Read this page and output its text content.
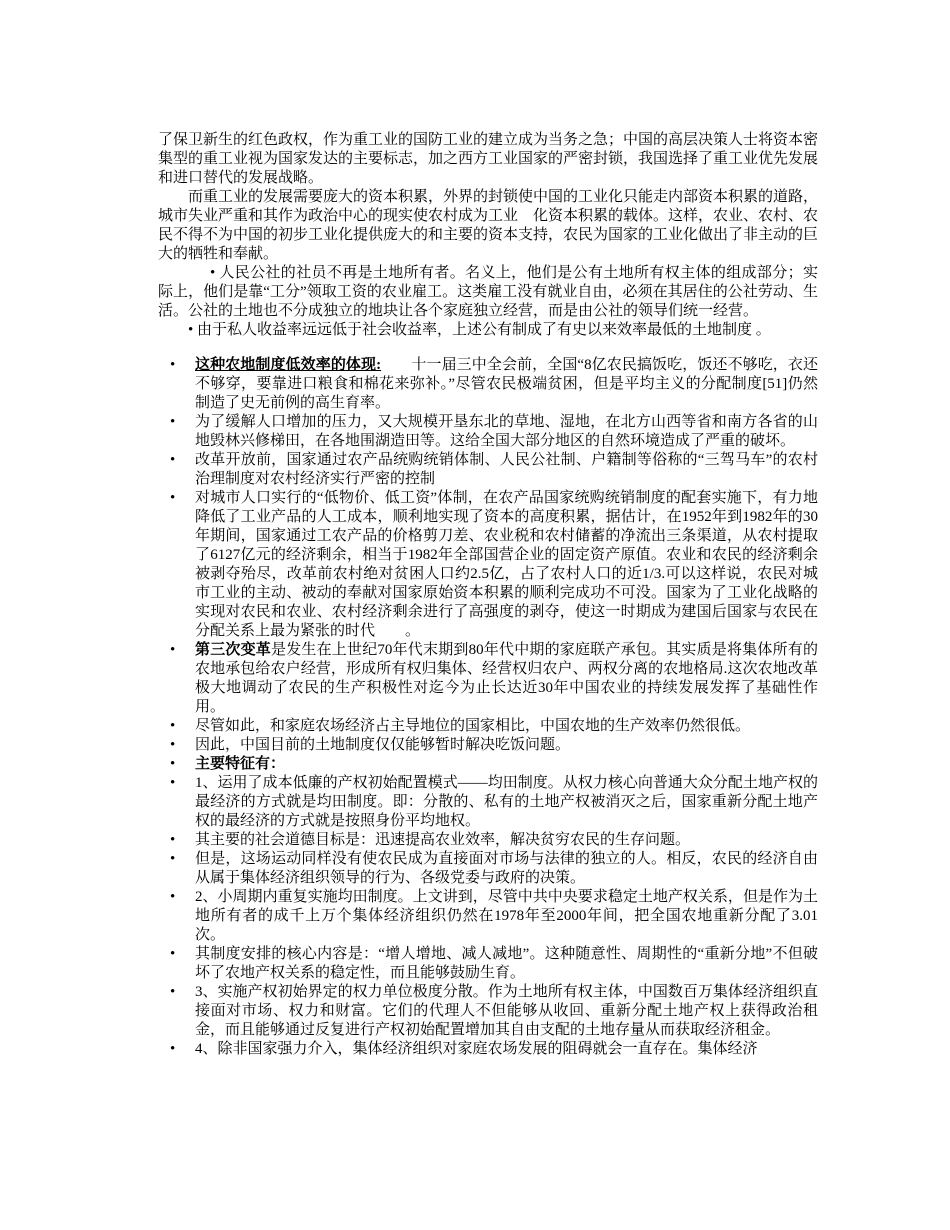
了保卫新生的红色政权，作为重工业的国防工业的建立成为当务之急；中国的高层决策人士将资本密集型的重工业视为国家发达的主要标志，加之西方工业国家的严密封锁，我国选择了重工业优先发展和进口替代的发展战略。

而重工业的发展需要庞大的资本积累，外界的封锁使中国的工业化只能走内部资本积累的道路，城市失业严重和其作为政治中心的现实使农村成为工业　化资本积累的载体。这样，农业、农村、农民不得不为中国的初步工业化提供庞大的和主要的资本支持，农民为国家的工业化做出了非主动的巨大的牺牲和奉献。

• 人民公社的社员不再是土地所有者。名义上，他们是公有土地所有权主体的组成部分；实际上，他们是靠“工分”领取工资的农业雇工。这类雇工没有就业自由，必须在其居住的公社劳动、生活。公社的土地也不分成独立的地块让各个家庭独立经营，而是由公社的领导们统一经营。

• 由于私人收益率远远低于社会收益率，上述公有制成了有史以来效率最低的土地制度 。

• 这种农地制度低效率的体现:　　十一届三中全会前，全国“8亿农民搞饭吃，饭还不够吃，衣还不够穿，要靠进口粮食和棉花来弥补。”尽管农民极端贫困，但是平均主义的分配制度[51]仍然制造了史无前例的高生育率。
• 为了缓解人口增加的压力，又大规模开垦东北的草地、湿地，在北方山西等省和南方各省的山地毁林兴修梯田，在各地围湖造田等。这给全国大部分地区的自然环境造成了严重的破坏。
• 改革开放前，国家通过农产品统购统销体制、人民公社制、户籍制等俗称的“三驾马车”的农村治理制度对农村经济实行严密的控制
• 对城市人口实行的“低物价、低工资”体制，在农产品国家统购统销制度的配套实施下，有力地降低了工业产品的人工成本，顺利地实现了资本的高度积累，据估计，在1952年到1982年的30年期间，国家通过工农产品的价格剪刀差、农业税和农村储蓄的净流出三条渠道，从农村提取了6127亿元的经济剩余，相当于1982年全部国营企业的固定资产原值。农业和农民的经济剩余被剥夺殆尽，改革前农村绝对贫困人口约2.5亿，占了农村人口的近1/3.可以这样说，农民对城市工业的主动、被动的奉献对国家原始资本积累的顺利完成功不可没。国家为了工业化战略的实现对农民和农业、农村经济剩余进行了高强度的剥夺，使这一时期成为建国后国家与农民在分配关系上最为紧张的时代　　。
• 第三次变革是发生在上世纪70年代末期到80年代中期的家庭联产承包。其实质是将集体所有的农地承包给农户经营，形成所有权归集体、经营权归农户、两权分离的农地格局.这次农地改革极大地调动了农民的生产积极性对迄今为止长达近30年中国农业的持续发展发挥了基础性作用。
• 尽管如此，和家庭农场经济占主导地位的国家相比，中国农地的生产效率仍然很低。
• 因此，中国目前的土地制度仅仅能够暂时解决吃饭问题。
• 主要特征有：
• 1、运用了成本低廉的产权初始配置模式——均田制度。从权力核心向普通大众分配土地产权的最经济的方式就是均田制度。即：分散的、私有的土地产权被消灭之后，国家重新分配土地产权的最经济的方式就是按照身份平均地权。
• 其主要的社会道德目标是：迅速提高农业效率，解决贫穷农民的生存问题。
• 但是，这场运动同样没有使农民成为直接面对市场与法律的独立的人。相反，农民的经济自由从属于集体经济组织领导的行为、各级党委与政府的决策。
• 2、小周期内重复实施均田制度。上文讲到，尽管中共中央要求稳定土地产权关系，但是作为土地所有者的成千上万个集体经济组织仍然在1978年至2000年间，把全国农地重新分配了3.01次。
• 其制度安排的核心内容是：“增人增地、减人减地”。这种随意性、周期性的“重新分地”不但破坏了农地产权关系的稳定性，而且能够鼓励生育。
• 3、实施产权初始界定的权力单位极度分散。作为土地所有权主体，中国数百万集体经济组织直接面对市场、权力和财富。它们的代理人不但能够从收回、重新分配土地产权上获得政治租金，而且能够通过反复进行产权初始配置增加其自由支配的土地存量从而获取经济租金。
• 4、除非国家强力介入，集体经济组织对家庭农场发展的阻碍就会一直存在。集体经济
